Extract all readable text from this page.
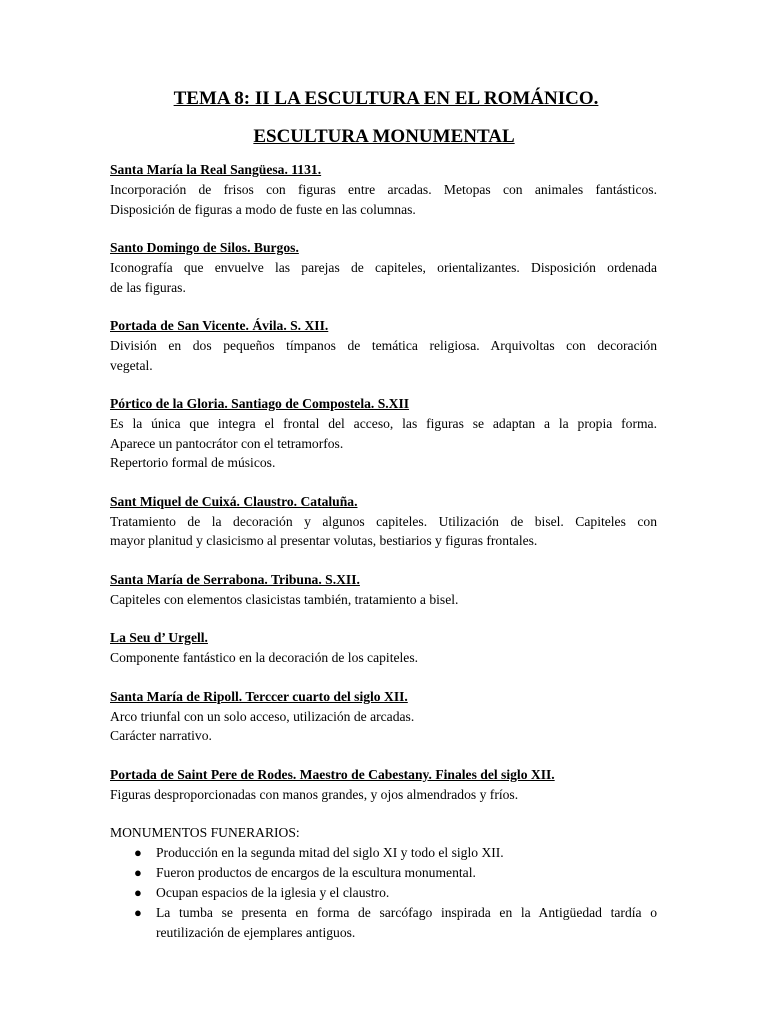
TEMA 8: II LA ESCULTURA EN EL ROMÁNICO.
ESCULTURA MONUMENTAL

Santa María la Real Sangüesa. 1131.

Incorporación de frisos con figuras entre arcadas. Metopas con animales fantásticos.

Disposición de figuras a modo de fuste en las columnas.

Santo Domingo de Silos. Burgos.

Iconografía que envuelve las parejas de capiteles, orientalizantes. Disposición ordenada

de las figuras.

Portada de San Vicente. Ávila. S. XII.

División en dos pequeños tímpanos de temática religiosa. Arquivoltas con decoración

vegetal.

Pórtico de la Gloria. Santiago de Compostela. S.XII

Es la única que integra el frontal del acceso, las figuras se adaptan a la propia forma.

Aparece un pantocrátor con el tetramorfos.

Repertorio formal de músicos.

Sant Miquel de Cuixá. Claustro. Cataluña.

Tratamiento de la decoración y algunos capiteles. Utilización de bisel. Capiteles con

mayor planitud y clasicismo al presentar volutas, bestiarios y figuras frontales.

Santa María de Serrabona. Tribuna. S.XII.

Capiteles con elementos clasicistas también, tratamiento a bisel.

La Seu d’ Urgell.

Componente fantástico en la decoración de los capiteles.

Santa María de Ripoll. Terccer cuarto del siglo XII.

Arco triunfal con un solo acceso, utilización de arcadas.

Carácter narrativo.

Portada de Saint Pere de Rodes. Maestro de Cabestany. Finales del siglo XII.

Figuras desproporcionadas con manos grandes, y ojos almendrados y fríos.

MONUMENTOS FUNERARIOS:

● Producción en la segunda mitad del siglo XI y todo el siglo XII.
● Fueron productos de encargos de la escultura monumental.
● Ocupan espacios de la iglesia y el claustro.
● La tumba se presenta en forma de sarcófago inspirada en la Antigüedad tardía o reutilización de ejemplares antiguos.
